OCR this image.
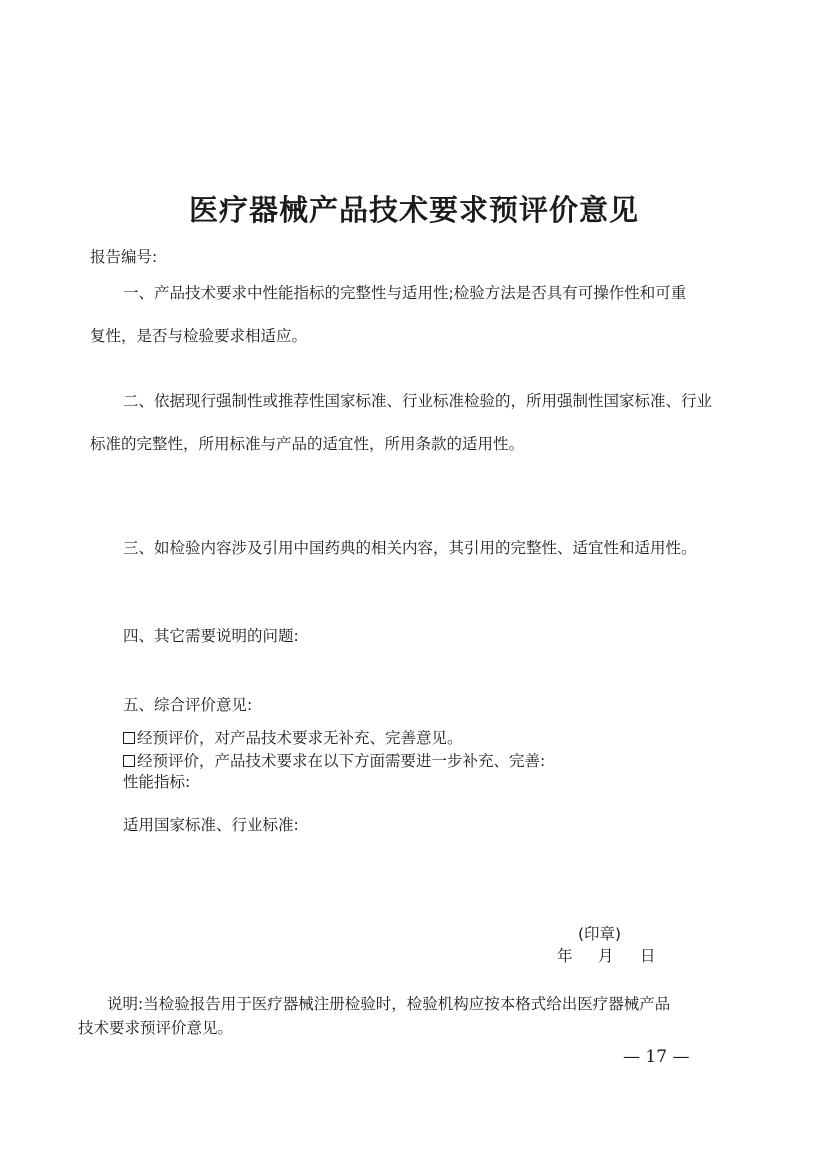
医疗器械产品技术要求预评价意见
报告编号:
一、产品技术要求中性能指标的完整性与适用性;检验方法是否具有可操作性和可重
复性，是否与检验要求相适应。
二、依据现行强制性或推荐性国家标准、行业标准检验的，所用强制性国家标准、行业
标准的完整性，所用标准与产品的适宜性，所用条款的适用性。
三、如检验内容涉及引用中国药典的相关内容，其引用的完整性、适宜性和适用性。
四、其它需要说明的问题:
五、综合评价意见:
经预评价，对产品技术要求无补充、完善意见。
经预评价，产品技术要求在以下方面需要进一步补充、完善:
性能指标:
适用国家标准、行业标准:
(印章)
年 月 日
说明:当检验报告用于医疗器械注册检验时，检验机构应按本格式给出医疗器械产品
技术要求预评价意见。
— 17 —
